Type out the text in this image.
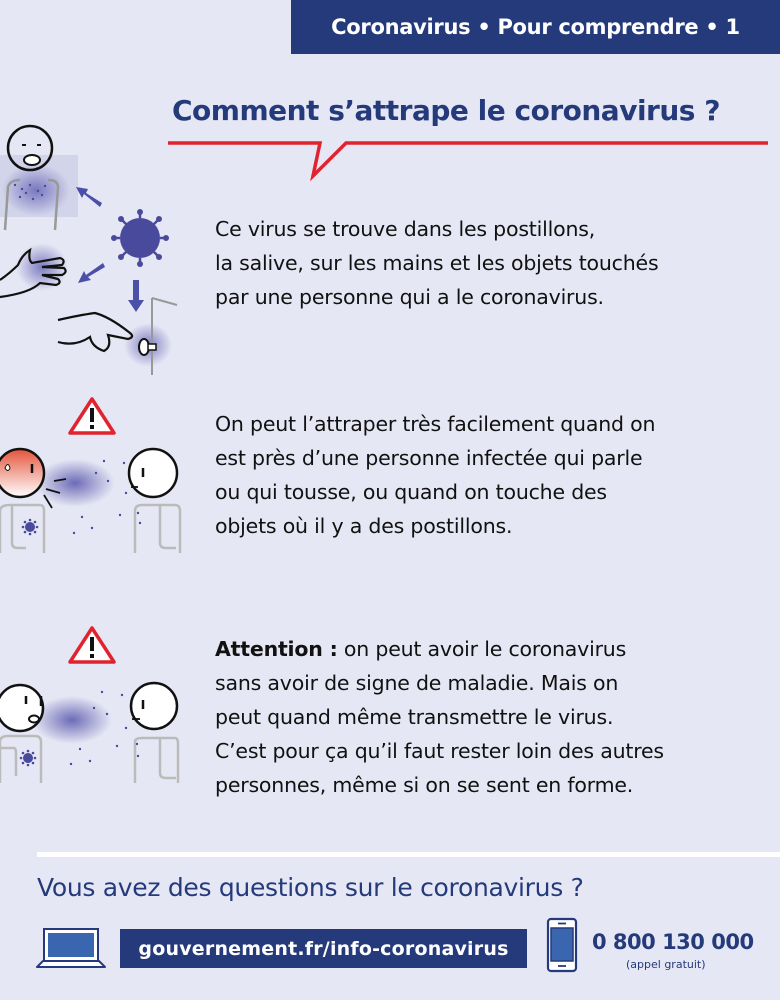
Coronavirus • Pour comprendre • 1
Comment s’attrape le coronavirus ?
Ce virus se trouve dans les postillons,
la salive, sur les mains et les objets touchés
par une personne qui a le coronavirus.
On peut l’attraper très facilement quand on
est près d’une personne infectée qui parle
ou qui tousse, ou quand on touche des
objets où il y a des postillons.
Attention : on peut avoir le coronavirus
sans avoir de signe de maladie. Mais on
peut quand même transmettre le virus.
C’est pour ça qu’il faut rester loin des autres
personnes, même si on se sent en forme.
Vous avez des questions sur le coronavirus ?
gouvernement.fr/info-coronavirus	0 800 130 000
(appel gratuit)
